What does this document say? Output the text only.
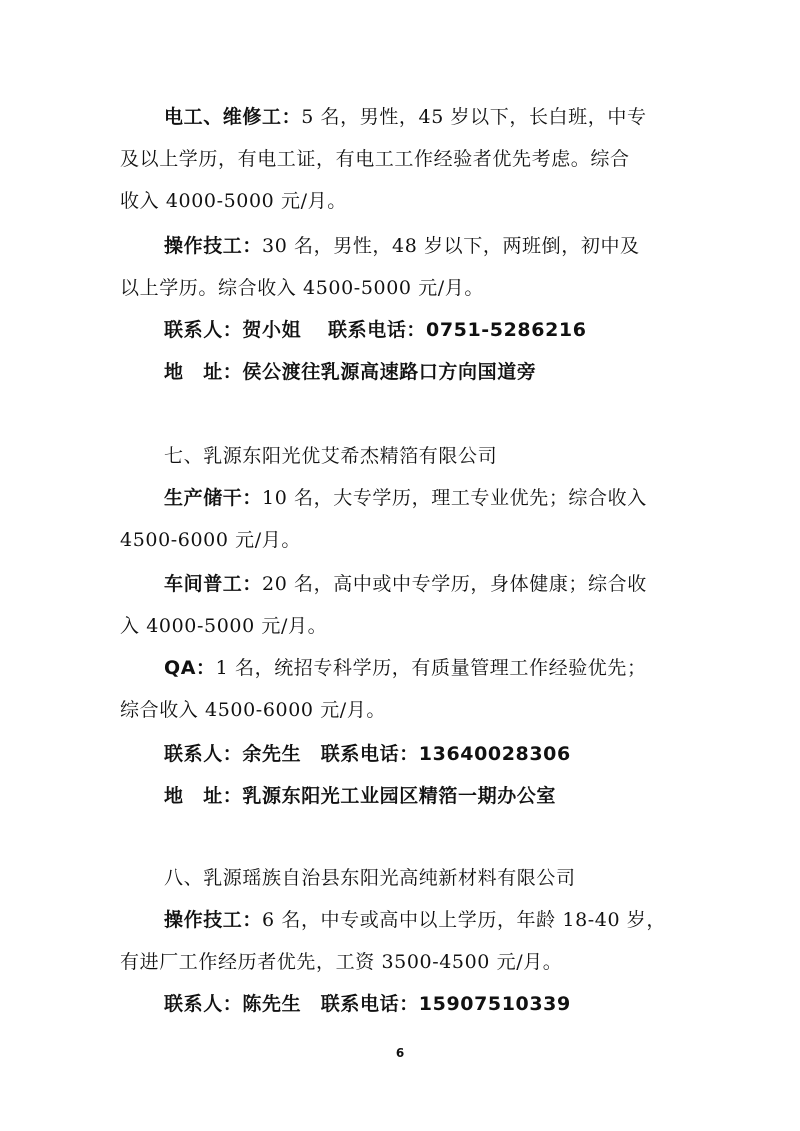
电工、维修工：5 名，男性，45 岁以下，长白班，中专
及以上学历，有电工证，有电工工作经验者优先考虑。综合
收入 4000-5000 元/月。
操作技工：30 名，男性，48 岁以下，两班倒，初中及
以上学历。综合收入 4500-5000 元/月。
联系人：贺小姐　 联系电话：0751-5286216
地　址：侯公渡往乳源高速路口方向国道旁
七、乳源东阳光优艾希杰精箔有限公司
生产储干：10 名，大专学历，理工专业优先；综合收入
4500-6000 元/月。
车间普工：20 名，高中或中专学历，身体健康；综合收
入 4000-5000 元/月。
QA：1 名，统招专科学历，有质量管理工作经验优先；
综合收入 4500-6000 元/月。
联系人：余先生　联系电话：13640028306
地　址：乳源东阳光工业园区精箔一期办公室
八、乳源瑶族自治县东阳光高纯新材料有限公司
操作技工：6 名，中专或高中以上学历，年龄 18-40 岁，
有进厂工作经历者优先，工资 3500-4500 元/月。
联系人：陈先生　联系电话：15907510339
6
